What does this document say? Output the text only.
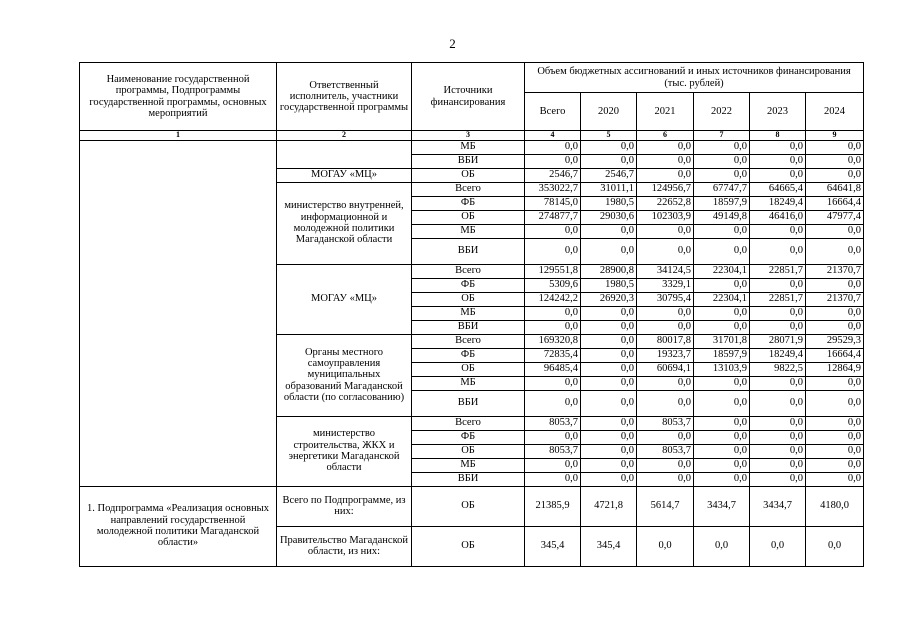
2
Наименование государственной программы, Подпрограммы государственной программы, основных мероприятий	Ответственный исполнитель, участники государственной программы	Источники финансирования	Объем бюджетных ассигнований и иных источников финансирования (тыс. рублей)					
			Всего	2020	2021	2022	2023	2024
1	2	3	4	5	6	7	8	9
		МБ	0,0	0,0	0,0	0,0	0,0	0,0
		ВБИ	0,0	0,0	0,0	0,0	0,0	0,0
	МОГАУ «МЦ»	ОБ	2546,7	2546,7	0,0	0,0	0,0	0,0
	министерство внутренней, информационной и молодежной политики Магаданской области	Всего	353022,7	31011,1	124956,7	67747,7	64665,4	64641,8
		ФБ	78145,0	1980,5	22652,8	18597,9	18249,4	16664,4
		ОБ	274877,7	29030,6	102303,9	49149,8	46416,0	47977,4
		МБ	0,0	0,0	0,0	0,0	0,0	0,0
		ВБИ	0,0	0,0	0,0	0,0	0,0	0,0
	МОГАУ «МЦ»	Всего	129551,8	28900,8	34124,5	22304,1	22851,7	21370,7
		ФБ	5309,6	1980,5	3329,1	0,0	0,0	0,0
		ОБ	124242,2	26920,3	30795,4	22304,1	22851,7	21370,7
		МБ	0,0	0,0	0,0	0,0	0,0	0,0
		ВБИ	0,0	0,0	0,0	0,0	0,0	0,0
	Органы местного самоуправления муниципальных образований Магаданской области (по согласованию)	Всего	169320,8	0,0	80017,8	31701,8	28071,9	29529,3
		ФБ	72835,4	0,0	19323,7	18597,9	18249,4	16664,4
		ОБ	96485,4	0,0	60694,1	13103,9	9822,5	12864,9
		МБ	0,0	0,0	0,0	0,0	0,0	0,0
		ВБИ	0,0	0,0	0,0	0,0	0,0	0,0
	министерство строительства, ЖКХ и энергетики Магаданской области	Всего	8053,7	0,0	8053,7	0,0	0,0	0,0
		ФБ	0,0	0,0	0,0	0,0	0,0	0,0
		ОБ	8053,7	0,0	8053,7	0,0	0,0	0,0
		МБ	0,0	0,0	0,0	0,0	0,0	0,0
		ВБИ	0,0	0,0	0,0	0,0	0,0	0,0
1. Подпрограмма «Реализация основных направлений государственной молодежной политики Магаданской области»	Всего по Подпрограмме, из них:	ОБ	21385,9	4721,8	5614,7	3434,7	3434,7	4180,0
	Правительство Магаданской области, из них:	ОБ	345,4	345,4	0,0	0,0	0,0	0,0
